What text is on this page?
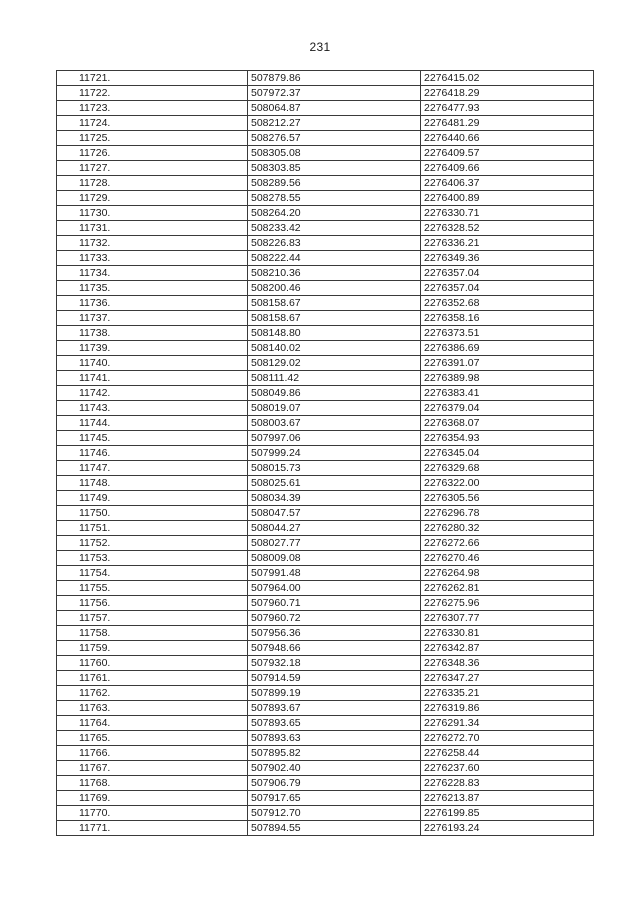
231
11721.	507879.86	2276415.02
11722.	507972.37	2276418.29
11723.	508064.87	2276477.93
11724.	508212.27	2276481.29
11725.	508276.57	2276440.66
11726.	508305.08	2276409.57
11727.	508303.85	2276409.66
11728.	508289.56	2276406.37
11729.	508278.55	2276400.89
11730.	508264.20	2276330.71
11731.	508233.42	2276328.52
11732.	508226.83	2276336.21
11733.	508222.44	2276349.36
11734.	508210.36	2276357.04
11735.	508200.46	2276357.04
11736.	508158.67	2276352.68
11737.	508158.67	2276358.16
11738.	508148.80	2276373.51
11739.	508140.02	2276386.69
11740.	508129.02	2276391.07
11741.	508111.42	2276389.98
11742.	508049.86	2276383.41
11743.	508019.07	2276379.04
11744.	508003.67	2276368.07
11745.	507997.06	2276354.93
11746.	507999.24	2276345.04
11747.	508015.73	2276329.68
11748.	508025.61	2276322.00
11749.	508034.39	2276305.56
11750.	508047.57	2276296.78
11751.	508044.27	2276280.32
11752.	508027.77	2276272.66
11753.	508009.08	2276270.46
11754.	507991.48	2276264.98
11755.	507964.00	2276262.81
11756.	507960.71	2276275.96
11757.	507960.72	2276307.77
11758.	507956.36	2276330.81
11759.	507948.66	2276342.87
11760.	507932.18	2276348.36
11761.	507914.59	2276347.27
11762.	507899.19	2276335.21
11763.	507893.67	2276319.86
11764.	507893.65	2276291.34
11765.	507893.63	2276272.70
11766.	507895.82	2276258.44
11767.	507902.40	2276237.60
11768.	507906.79	2276228.83
11769.	507917.65	2276213.87
11770.	507912.70	2276199.85
11771.	507894.55	2276193.24
